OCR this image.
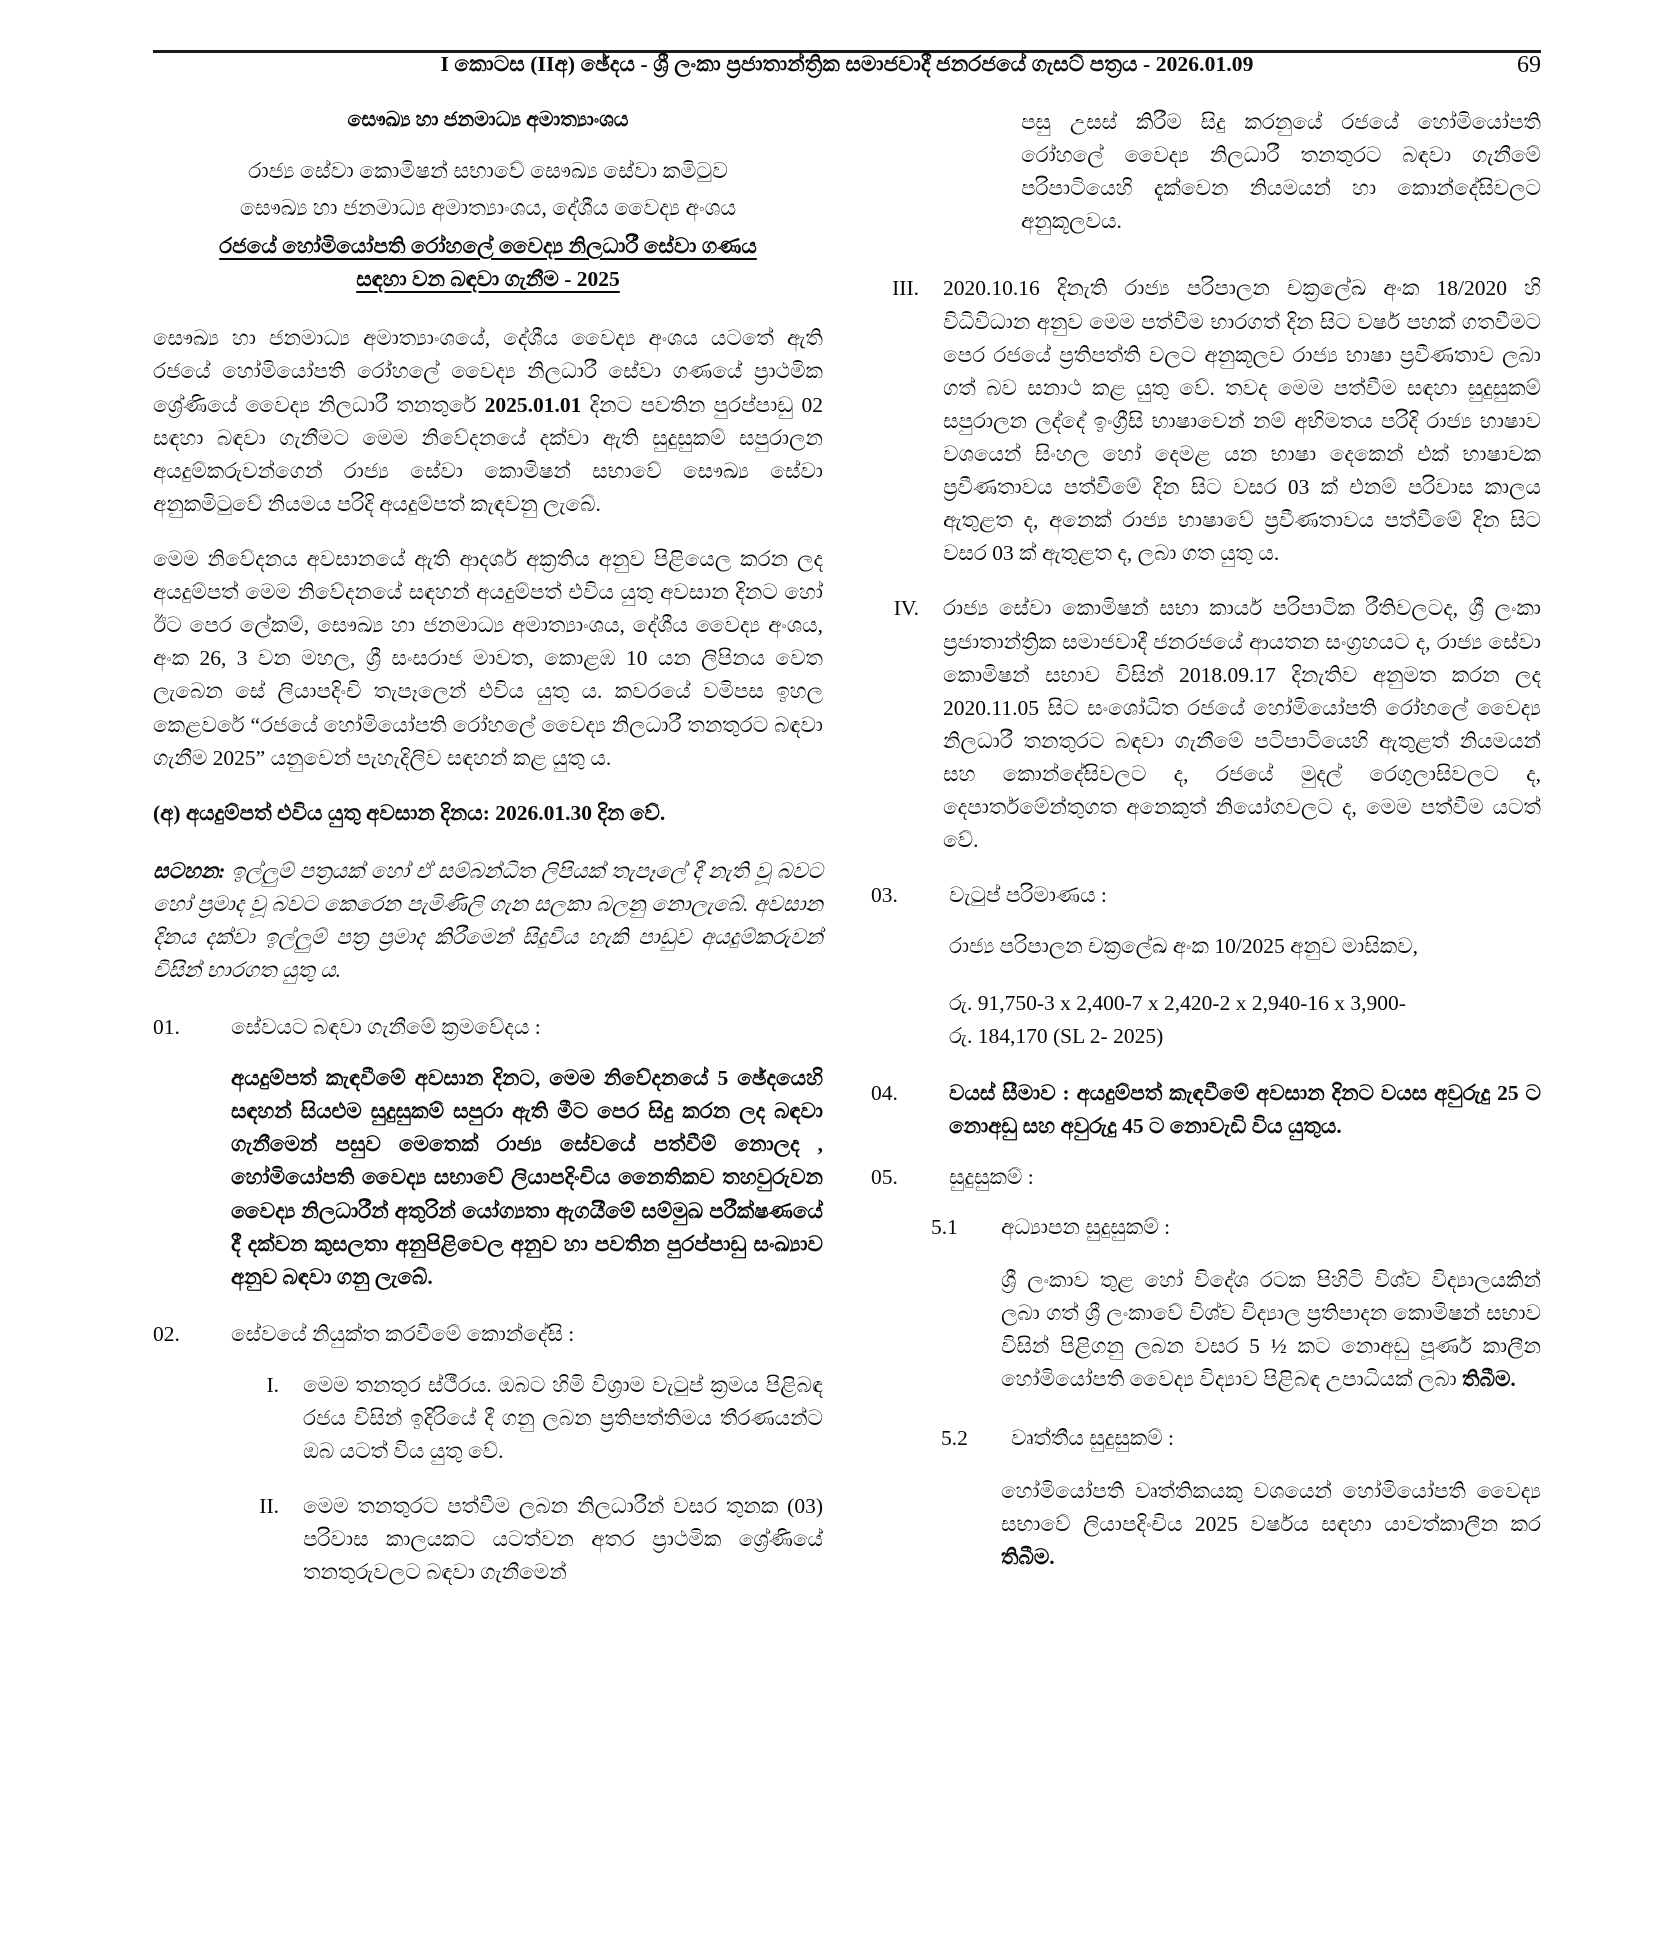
I කොටස (IIඅ) ඡේදය - ශ්‍රී ලංකා ප්‍රජාතාන්ත්‍රික සමාජවාදී ජනරජයේ ගැසට් පත්‍රය - 2026.01.09	69
සෞඛ්‍ය හා ජනමාධ්‍ය අමාත්‍යාංශය
රාජ්‍ය සේවා කොමිෂන් සභාවේ සෞඛ්‍ය සේවා කමිටුව
සෞඛ්‍ය හා ජනමාධ්‍ය අමාත්‍යාංශය, දේශීය වෛද්‍ය අංශය
රජයේ හෝමියෝපති රෝහලේ වෛද්‍ය නිලධාරී සේවා ගණය
සඳහා වන බඳවා ගැනීම - 2025

සෞඛ්‍ය හා ජනමාධ්‍ය අමාත්‍යාංශයේ, දේශීය වෛද්‍ය අංශය යටතේ ඇති රජයේ හෝමියෝපති රෝහලේ වෛද්‍ය නිලධාරී සේවා ගණයේ ප්‍රාථමික ශ්‍රේණියේ වෛද්‍ය නිලධාරී තනතුරේ 2025.01.01 දිනට පවතින පුරප්පාඩු 02 සඳහා බඳවා ගැනීමට මෙම නිවේදනයේ දක්වා ඇති සුදුසුකම් සපුරාලන අයදුම්කරුවන්ගෙන් රාජ්‍ය සේවා කොමිෂන් සභාවේ සෞඛ්‍ය සේවා අනුකමිටුවේ නියමය පරිදි අයදුම්පත් කැඳවනු ලැබේ.

මෙම නිවේදනය අවසානයේ ඇති ආදර්ශ අක්‍රතිය අනුව පිළියෙල කරන ලද අයදුම්පත් මෙම නිවේදනයේ සඳහන් අයදුම්පත් එවිය යුතු අවසාන දිනට හෝ ඊට පෙර ලේකම්, සෞඛ්‍ය හා ජනමාධ්‍ය අමාත්‍යාංශය, දේශීය වෛද්‍ය අංශය, අංක 26, 3 වන මහල, ශ්‍රී සංසරාජ මාවත, කොළඹ 10 යන ලිපිනය වෙත ලැබෙන සේ ලියාපදිංචි තැපෑලෙන් එවිය යුතු ය. කවරයේ වමිපස ඉහල කෙළවරේ “රජයේ හෝමියෝපති රෝහලේ වෛද්‍ය නිලධාරී තනතුරට බඳවා ගැනීම 2025” යනුවෙන් පැහැදිලිව සඳහන් කළ යුතු ය.

(අ) අයදුම්පත් එවිය යුතු අවසාන දිනය: 2026.01.30 දින වේ.

සටහන: ඉල්ලුම් පත්‍රයක් හෝ ඒ සම්බන්ධිත ලිපියක් තැපෑලේ දී නැති වූ බවට හෝ ප්‍රමාද වූ බවට කෙරෙන පැමිණිලි ගැන සලකා බලනු නොලැබේ. අවසාන දිනය දක්වා ඉල්ලුම් පත්‍ර ප්‍රමාද කිරීමෙන් සිදුවිය හැකි පාඩුව අයදුම්කරුවන් විසින් භාරගත යුතු ය.

01.	සේවයට බඳවා ගැනීමේ ක්‍රමවේදය :
අයදුම්පත් කැඳවීමේ අවසාන දිනට, මෙම නිවේදනයේ 5 ඡේදයෙහි සඳහන් සියළුම සුදුසුකම් සපුරා ඇති මීට පෙර සිදු කරන ලද බඳවා ගැනීමෙන් පසුව මෙතෙක් රාජ්‍ය සේවයේ පත්වීම් නොලද , හෝමියෝපති වෛද්‍ය සභාවේ ලියාපදිංචිය නෛතිකව තහවුරුවන වෛද්‍ය නිලධාරීන් අතුරින් යෝග්‍යතා ඇගයීමේ සම්මුඛ පරීක්ෂණයේ දී දක්වන කුසලතා අනුපිළිවෙල අනුව හා පවතින පුරප්පාඩු සංඛ්‍යාව අනුව බඳවා ගනු ලැබේ.
02.	සේවයේ නියුක්ත කරවීමේ කොන්දේසි :
I.	මෙම තනතුර ස්ථීරය. ඔබට හිමි විශ්‍රාම වැටුප් ක්‍රමය පිළිබඳ රජය විසින් ඉදිරියේ දී ගනු ලබන ප්‍රතිපත්තිමය තීරණයන්ට ඔබ යටත් විය යුතු වේ.
II.	මෙම තනතුරට පත්වීම ලබන නිලධාරීන් වසර තුනක (03) පරිවාස කාලයකට යටත්වන අතර ප්‍රාථමික ශ්‍රේණියේ තනතුරුවලට බඳවා ගැනීමෙන්
පසු උසස් කිරීම සිදු කරනුයේ රජයේ හෝමියෝපති රෝහලේ වෛද්‍ය නිලධාරී තනතුරට බඳවා ගැනීමේ පරිපාටියෙහි දැක්වෙන නියමයන් හා කොන්දේසිවලට අනුකූලවය.
III.	2020.10.16 දිනැති රාජ්‍ය පරිපාලන චක්‍රලේඛ අංක 18/2020 හි විධිවිධාන අනුව මෙම පත්වීම භාරගත් දින සිට වර්ෂ පහක් ගතවීමට පෙර රජයේ ප්‍රතිපත්ති වලට අනුකූලව රාජ්‍ය භාෂා ප්‍රවීණතාව ලබා ගත් බව සනාථ කළ යුතු වේ. තවද මෙම පත්වීම සඳහා සුදුසුකම් සපුරාලන ලද්දේ ඉංග්‍රීසි භාෂාවෙන් නම් අභිමතය පරිදි රාජ්‍ය භාෂාව වශයෙන් සිංහල හෝ දෙමළ යන භාෂා දෙකෙන් එක් භාෂාවක ප්‍රවීණතාවය පත්වීමේ දින සිට වසර 03 ක් එනම් පරිවාස කාලය ඇතුළත ද, අනෙක් රාජ්‍ය භාෂාවේ ප්‍රවීණතාවය පත්වීමේ දින සිට වසර 03 ක් ඇතුළත ද, ලබා ගත යුතු ය.
IV.	රාජ්‍ය සේවා කොමිෂන් සභා කාර්ය පරිපාටික රීතිවලටද, ශ්‍රී ලංකා ප්‍රජාතාන්ත්‍රික සමාජවාදී ජනරජයේ ආයතන සංග්‍රහයට ද, රාජ්‍ය සේවා කොමිෂන් සභාව විසින් 2018.09.17 දිනැතිව අනුමත කරන ලද 2020.11.05 සිට සංශෝධිත රජයේ හෝමියෝපති රෝහලේ වෛද්‍ය නිලධාරී තනතුරට බඳවා ගැනීමේ පටිපාටියෙහි ඇතුළත් නියමයන් සහ කොන්දේසිවලට ද, රජයේ මුදල් රෙගුලාසිවලට ද, දෙපාර්තමේන්තුගත අනෙකුත් නියෝගවලට ද, මෙම පත්වීම යටත් වේ.
03.	වැටුප් පරිමාණය :
රාජ්‍ය පරිපාලන චක්‍රලේඛ අංක 10/2025 අනුව මාසිකව,
රු. 91,750-3 x 2,400-7 x 2,420-2 x 2,940-16 x 3,900-
රු. 184,170 (SL 2- 2025)
04.	වයස් සීමාව : අයදුම්පත් කැඳවීමේ අවසාන දිනට වයස අවුරුදු 25 ට නොඅඩු සහ අවුරුදු 45 ට නොවැඩි විය යුතුය.
05.	සුදුසුකම් :
5.1	අධ්‍යාපන සුදුසුකම් :
ශ්‍රී ලංකාව තුළ හෝ විදේශ රටක පිහිටි විශ්ව විද්‍යාලයකින් ලබා ගත් ශ්‍රී ලංකාවේ විශ්ව විද්‍යාල ප්‍රතිපාදන කොමිෂන් සභාව විසින් පිළිගනු ලබන වසර 5 ½ කට නොඅඩු පූර්ණ කාලීන හෝමියෝපති වෛද්‍ය විද්‍යාව පිළිබඳ උපාධියක් ලබා තිබීම.
5.2	වෘත්තීය සුදුසුකම් :
හෝමියෝපති වෘත්තිකයකු වශයෙන් හෝමියෝපති වෛද්‍ය සභාවේ ලියාපදිංචිය 2025 වර්ෂය සඳහා යාවත්කාලීන කර තිබීම.
